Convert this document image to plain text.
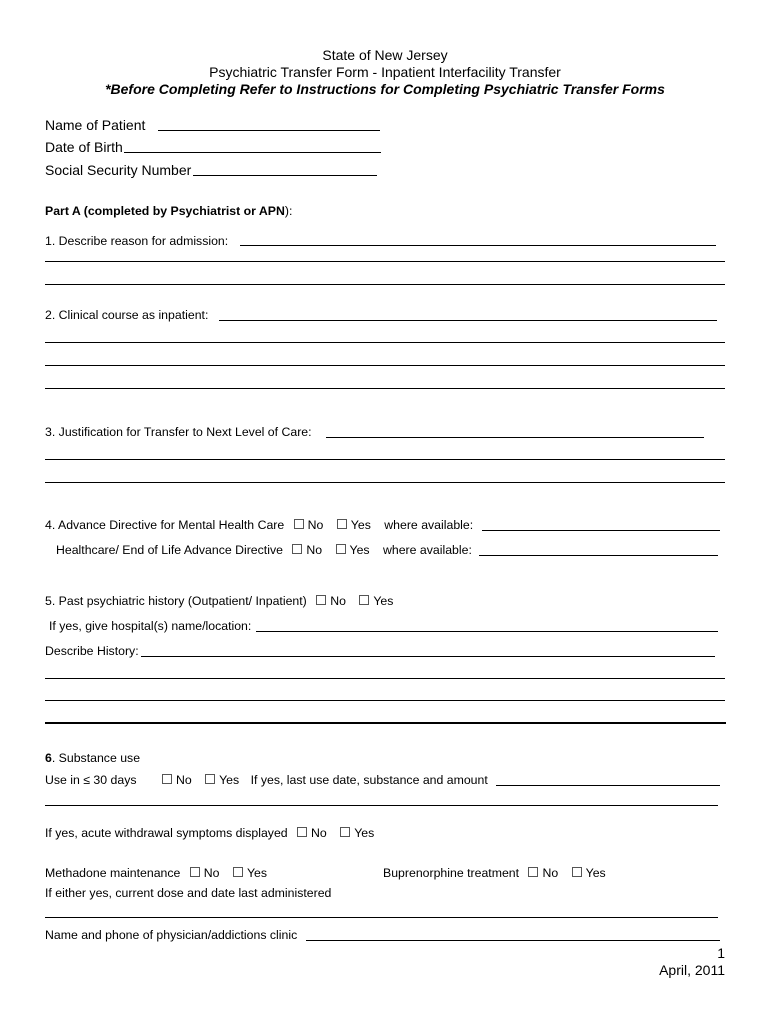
State of New Jersey
Psychiatric Transfer Form - Inpatient Interfacility Transfer
*Before Completing Refer to Instructions for Completing Psychiatric Transfer Forms
Name of Patient
Date of Birth
Social Security Number
Part A (completed by Psychiatrist or APN):
1. Describe reason for admission:
2. Clinical course as inpatient:
3. Justification for Transfer to Next Level of Care:
4. Advance Directive for Mental Health Care No Yes where available:
Healthcare/ End of Life Advance Directive No Yes where available:
5. Past psychiatric history (Outpatient/ Inpatient) No Yes
If yes, give hospital(s) name/location:
Describe History:
6. Substance use
Use in ≤ 30 days	No Yes If yes, last use date, substance and amount
If yes, acute withdrawal symptoms displayed No Yes
Methadone maintenance No Yes	Buprenorphine treatment No Yes
If either yes, current dose and date last administered
Name and phone of physician/addictions clinic
1
April, 2011
